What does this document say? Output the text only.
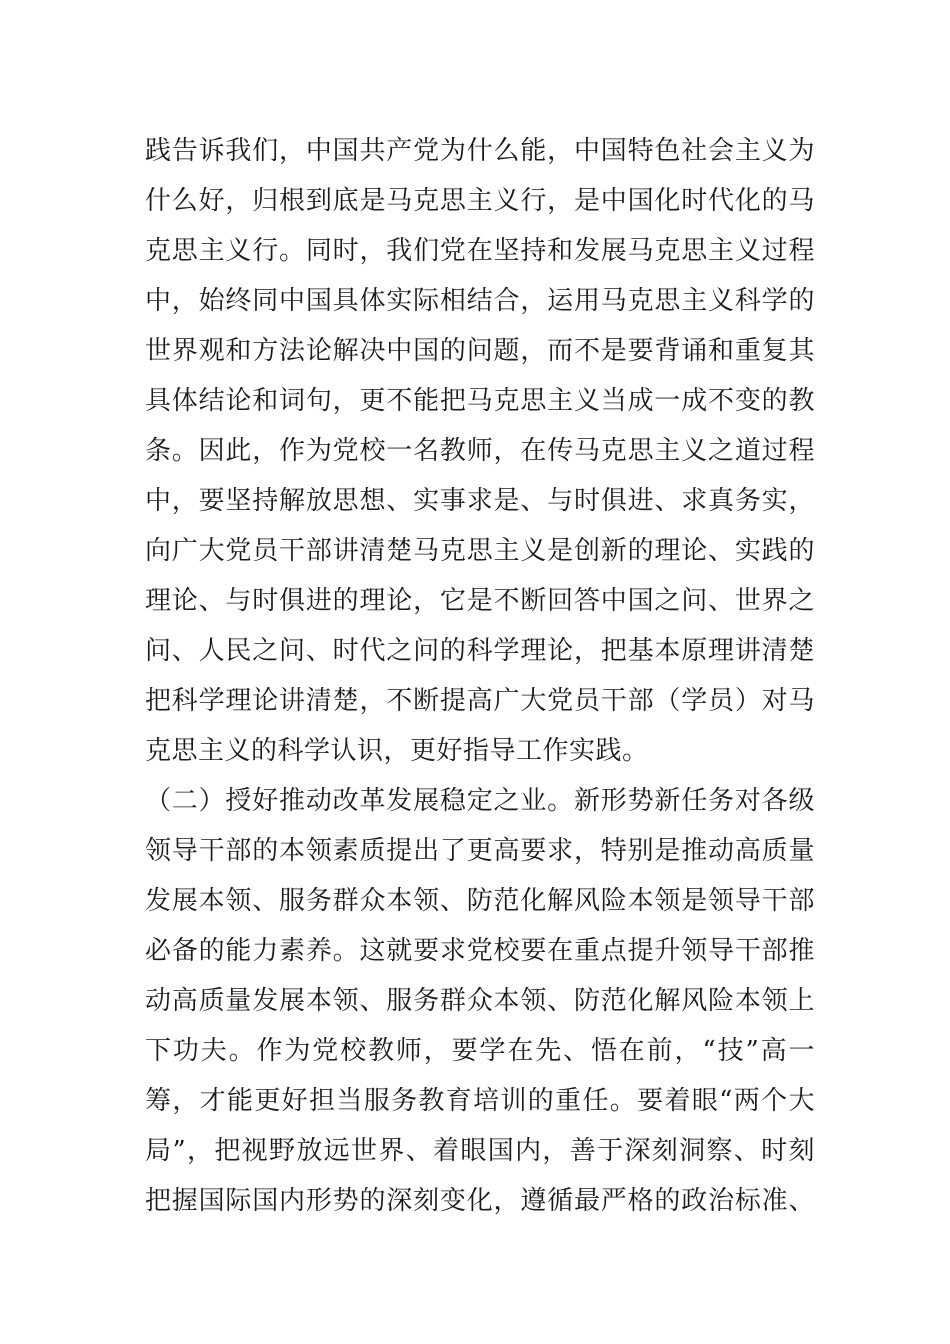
践告诉我们，中国共产党为什么能，中国特色社会主义为
什么好，归根到底是马克思主义行，是中国化时代化的马
克思主义行。同时，我们党在坚持和发展马克思主义过程
中，始终同中国具体实际相结合，运用马克思主义科学的
世界观和方法论解决中国的问题，而不是要背诵和重复其
具体结论和词句，更不能把马克思主义当成一成不变的教
条。因此，作为党校一名教师，在传马克思主义之道过程
中，要坚持解放思想、实事求是、与时俱进、求真务实，
向广大党员干部讲清楚马克思主义是创新的理论、实践的
理论、与时俱进的理论，它是不断回答中国之问、世界之
问、人民之问、时代之问的科学理论，把基本原理讲清楚
把科学理论讲清楚，不断提高广大党员干部（学员）对马
克思主义的科学认识，更好指导工作实践。
（二）授好推动改革发展稳定之业。新形势新任务对各级
领导干部的本领素质提出了更高要求，特别是推动高质量
发展本领、服务群众本领、防范化解风险本领是领导干部
必备的能力素养。这就要求党校要在重点提升领导干部推
动高质量发展本领、服务群众本领、防范化解风险本领上
下功夫。作为党校教师，要学在先、悟在前，“技”高一
筹，才能更好担当服务教育培训的重任。要着眼“两个大
局”，把视野放远世界、着眼国内，善于深刻洞察、时刻
把握国际国内形势的深刻变化，遵循最严格的政治标准、
